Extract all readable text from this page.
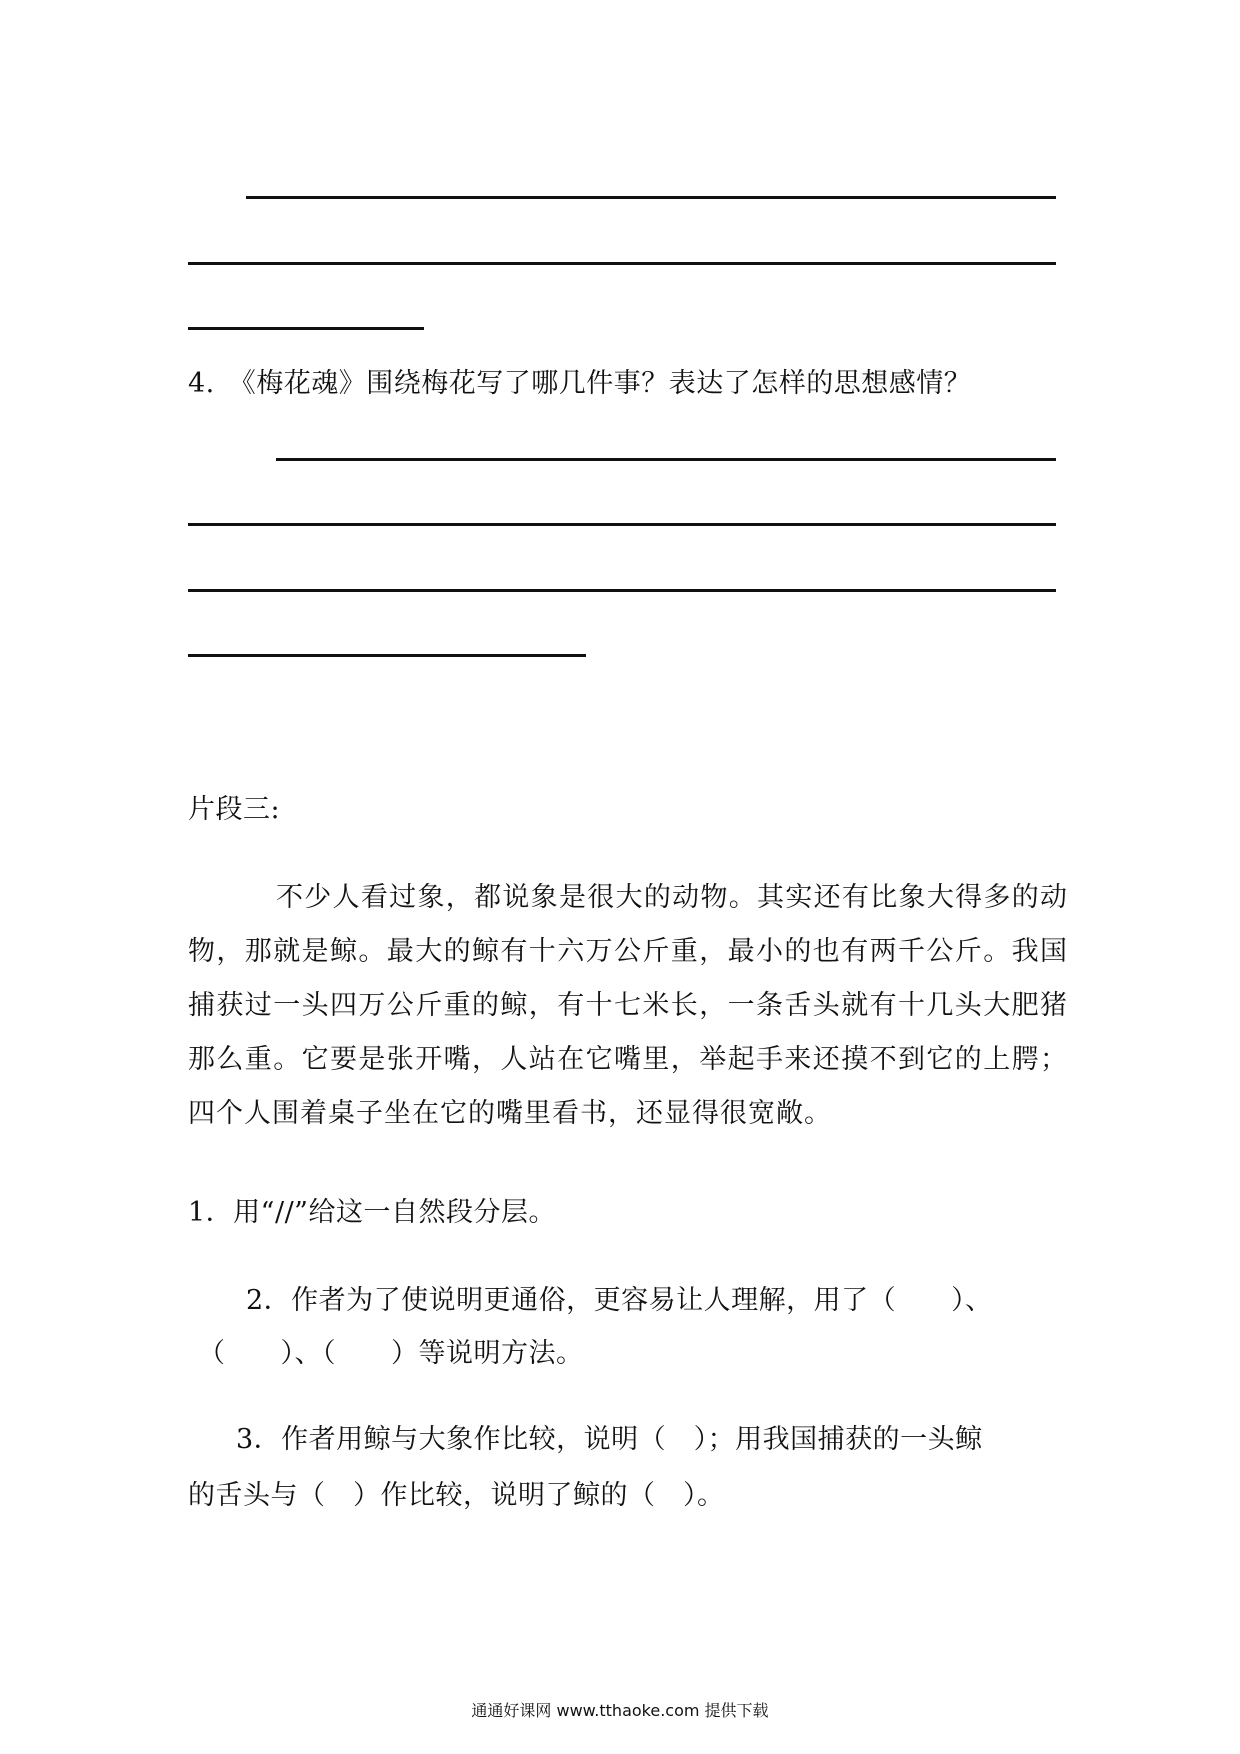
4.　《梅花魂》围绕梅花写了哪几件事？表达了怎样的思想感情？
片段三:
不少人看过象，都说象是很大的动物。其实还有比象大得多的动物，那就是鲸。最大的鲸有十六万公斤重，最小的也有两千公斤。我国捕获过一头四万公斤重的鲸，有十七米长，一条舌头就有十几头大肥猪那么重。它要是张开嘴，人站在它嘴里，举起手来还摸不到它的上腭；四个人围着桌子坐在它的嘴里看书，还显得很宽敞。
1．用“//”给这一自然段分层。
2．作者为了使说明更通俗，更容易让人理解，用了（　　）、
（　　）、（　　）等说明方法。
3．作者用鲸与大象作比较，说明（　）；用我国捕获的一头鲸
的舌头与（　）作比较，说明了鲸的（　）。
通通好课网 www.tthaoke.com 提供下载
